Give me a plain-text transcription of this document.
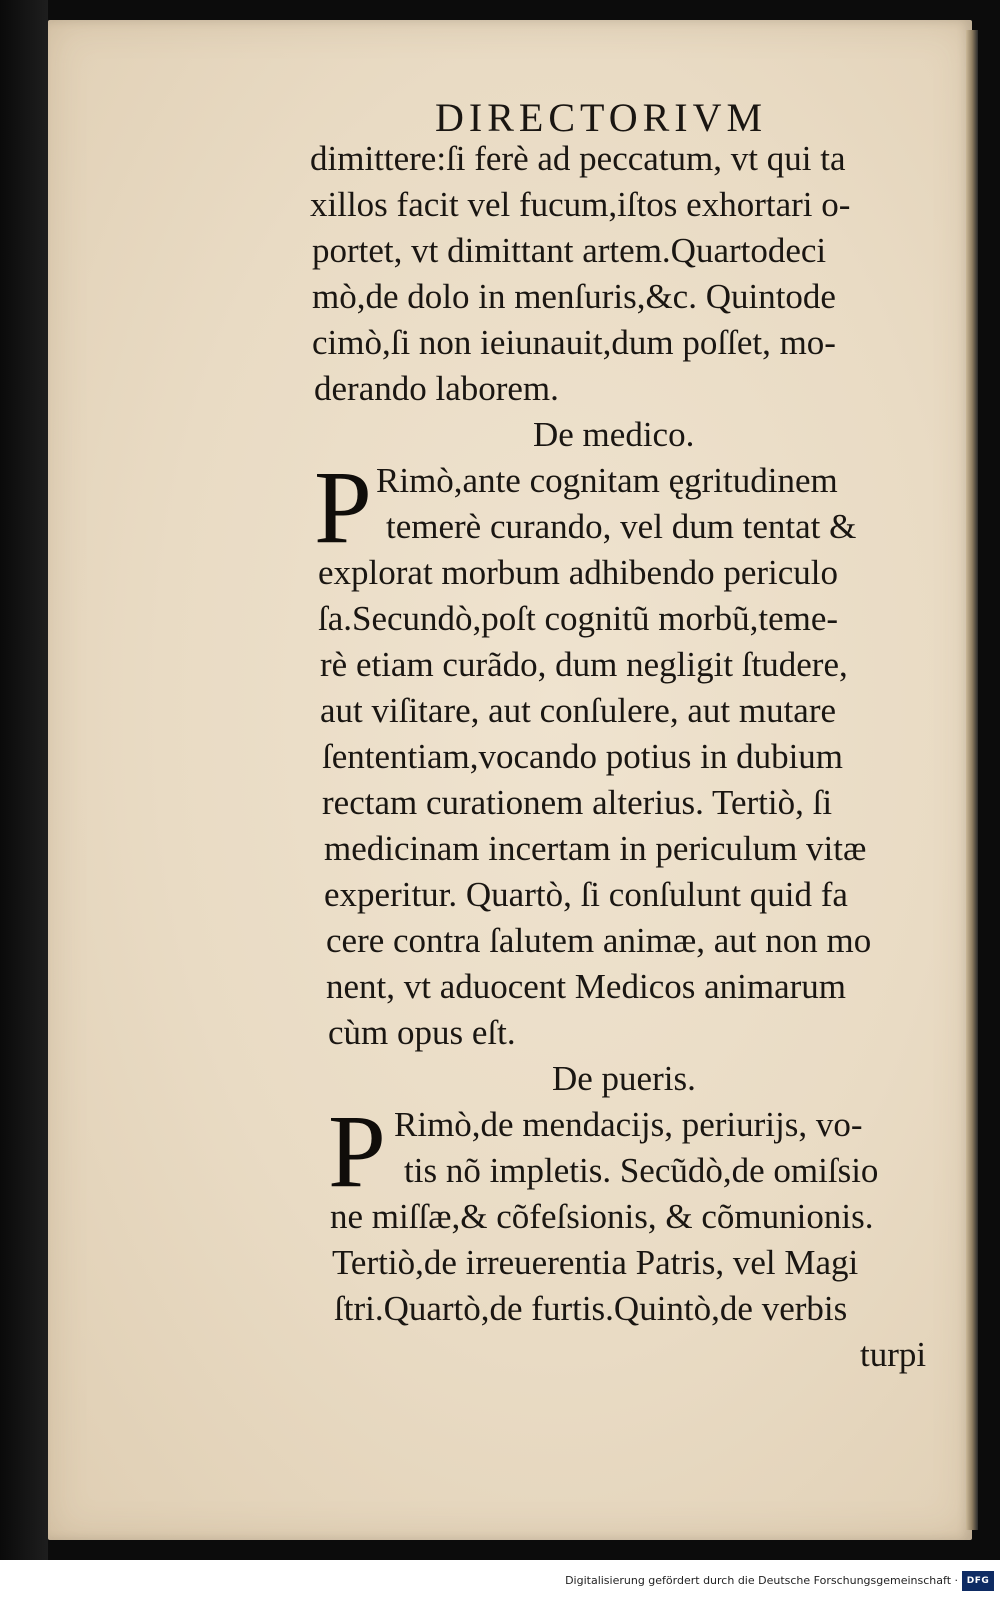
DIRECTORIVM
dimittere:ſi ferè ad peccatum, vt qui ta
xillos facit vel fucum,iſtos exhortari o-
portet, vt dimittant artem.Quartodeci
mò,de dolo in menſuris,&c. Quintode
cimò,ſi non ieiunauit,dum poſſet, mo-
derando laborem.
De medico.
P Rimò,ante cognitam ęgritudinem
temerè curando, vel dum tentat &
explorat morbum adhibendo periculo
ſa.Secundò,poſt cognitũ morbũ,teme-
rè etiam curãdo, dum negligit ſtudere,
aut viſitare, aut conſulere, aut mutare
ſententiam,vocando potius in dubium
rectam curationem alterius. Tertiò, ſi
medicinam incertam in periculum vitæ
experitur. Quartò, ſi conſulunt quid fa
cere contra ſalutem animæ, aut non mo
nent, vt aduocent Medicos animarum
cùm opus eſt.
De pueris.
P Rimò,de mendacijs, periurijs, vo-
tis nõ impletis. Secũdò,de omiſsio
ne miſſæ,& cõfeſsionis, & cõmunionis.
Tertiò,de irreuerentia Patris, vel Magi
ſtri.Quartò,de furtis.Quintò,de verbis
turpi
Digitalisierung gefördert durch die Deutsche Forschungsgemeinschaft · DFG
